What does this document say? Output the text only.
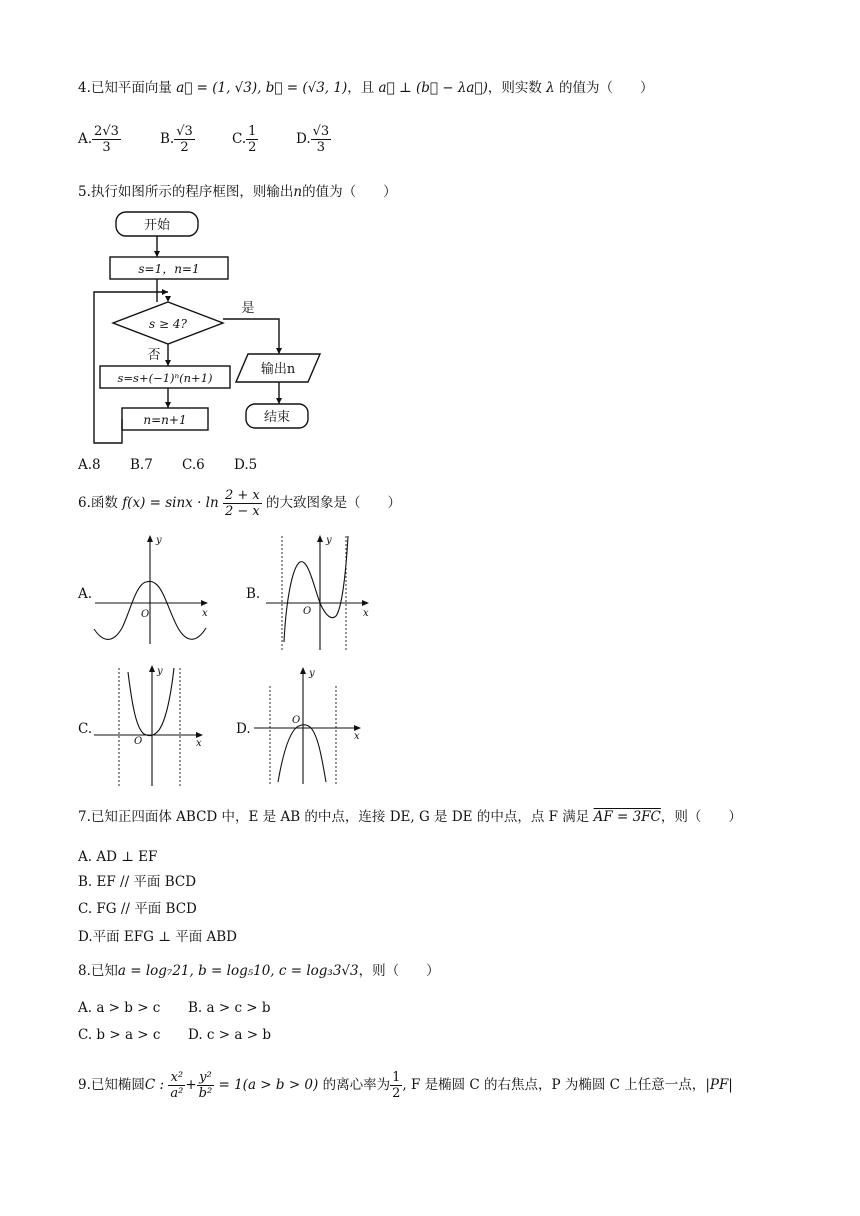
4.已知平面向量 a⃗ = (1, √3), b⃗ = (√3, 1)，且 a⃗ ⊥ (b⃗ − λa⃗)，则实数 λ 的值为（　　）
A. $\frac{2√3}{3}$	B. $\frac{√3}{2}$	C. $\frac{1}{2}$	D. $\frac{√3}{3}$
5.执行如图所示的程序框图，则输出n的值为（　　）
开始
s=1，n=1
s ≥ 4?
是
否
s=s+(−1)ⁿ(n+1)
n=n+1
输出n
结束
A.8 B.7 C.6 D.5
6.函数 $f(x) = \sin x \cdot \ln \frac{2 + x}{2 - x}$ 的大致图象是（　　）
A.
y
x
O
B.
y
x
O
C.
y
x
O
D.
y
x
O
7.已知正四面体 ABCD 中，E 是 AB 的中点，连接 DE, G 是 DE 的中点，点 F 满足 AF = 3FC，则（　　）
A. AD ⊥ EF
B. EF // 平面 BCD
C. FG // 平面 BCD
D.平面 EFG ⊥ 平面 ABD
8.已知a = log₇21, b = log₅10, c = log₃3√3，则（　　）
A. a > b > c B. a > c > b
C. b > a > c D. c > a > b
9.已知椭圆C : $\frac{\text{x²}}{\text{a²}} + \frac{\text{y²}}{\text{b²}} = 1(a > b > 0)$ 的离心率为 $\frac{1}{2}$ , F 是椭圆 C 的右焦点，P 为椭圆 C 上任意一点，|PF|
